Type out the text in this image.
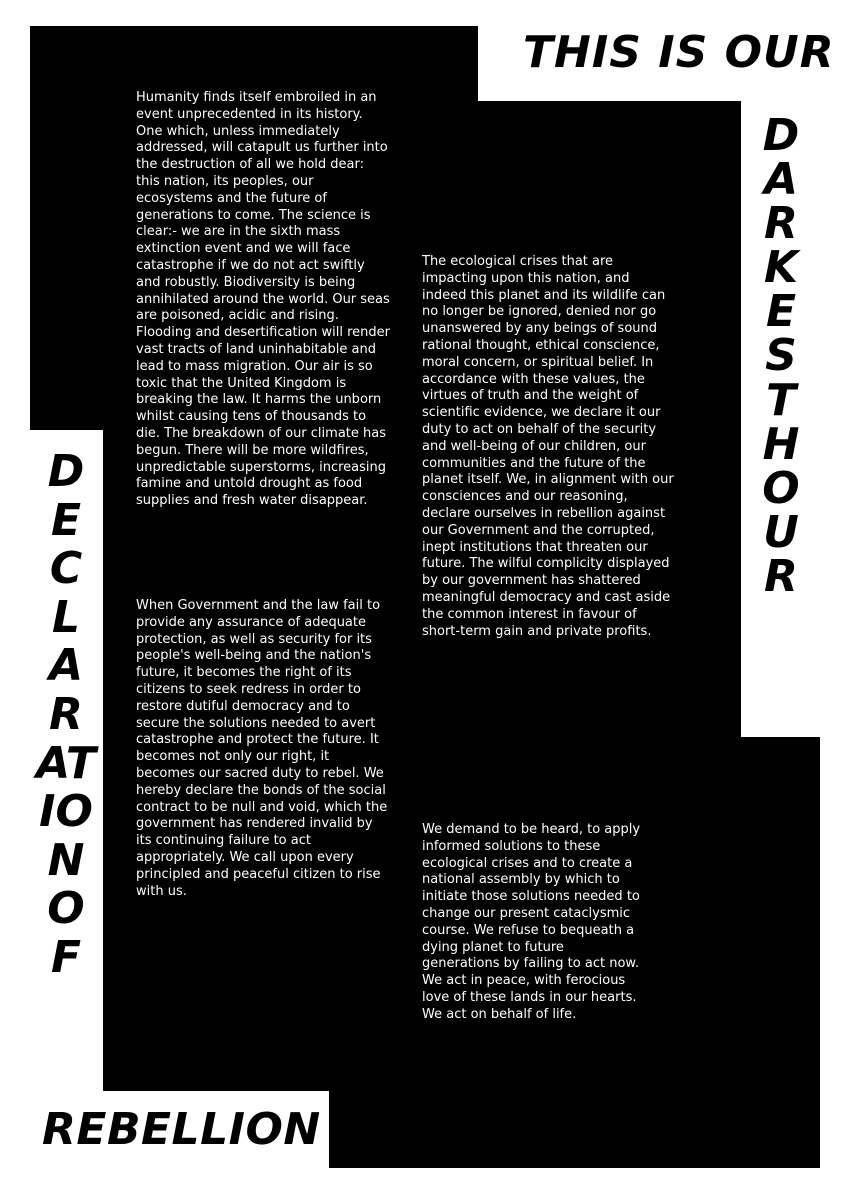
THIS IS OUR
DARKEST HOUR
DECLARATION OF
REBELLION

Humanity finds itself embroiled in an event unprecedented in its history. One which, unless immediately addressed, will catapult us further into the destruction of all we hold dear: this nation, its peoples, our ecosystems and the future of generations to come. The science is clear:- we are in the sixth mass extinction event and we will face catastrophe if we do not act swiftly and robustly. Biodiversity is being annihilated around the world. Our seas are poisoned, acidic and rising. Flooding and desertification will render vast tracts of land uninhabitable and lead to mass migration. Our air is so toxic that the United Kingdom is breaking the law. It harms the unborn whilst causing tens of thousands to die. The breakdown of our climate has begun. There will be more wildfires, unpredictable superstorms, increasing famine and untold drought as food supplies and fresh water disappear.

The ecological crises that are impacting upon this nation, and indeed this planet and its wildlife can no longer be ignored, denied nor go unanswered by any beings of sound rational thought, ethical conscience, moral concern, or spiritual belief. In accordance with these values, the virtues of truth and the weight of scientific evidence, we declare it our duty to act on behalf of the security and well-being of our children, our communities and the future of the planet itself. We, in alignment with our consciences and our reasoning, declare ourselves in rebellion against our Government and the corrupted, inept institutions that threaten our future. The wilful complicity displayed by our government has shattered meaningful democracy and cast aside the common interest in favour of short-term gain and private profits.

When Government and the law fail to provide any assurance of adequate protection, as well as security for its people's well-being and the nation's future, it becomes the right of its citizens to seek redress in order to restore dutiful democracy and to secure the solutions needed to avert catastrophe and protect the future. It becomes not only our right, it becomes our sacred duty to rebel. We hereby declare the bonds of the social contract to be null and void, which the government has rendered invalid by its continuing failure to act appropriately. We call upon every principled and peaceful citizen to rise with us.

We demand to be heard, to apply informed solutions to these ecological crises and to create a national assembly by which to initiate those solutions needed to change our present cataclysmic course. We refuse to bequeath a dying planet to future generations by failing to act now. We act in peace, with ferocious love of these lands in our hearts. We act on behalf of life.
